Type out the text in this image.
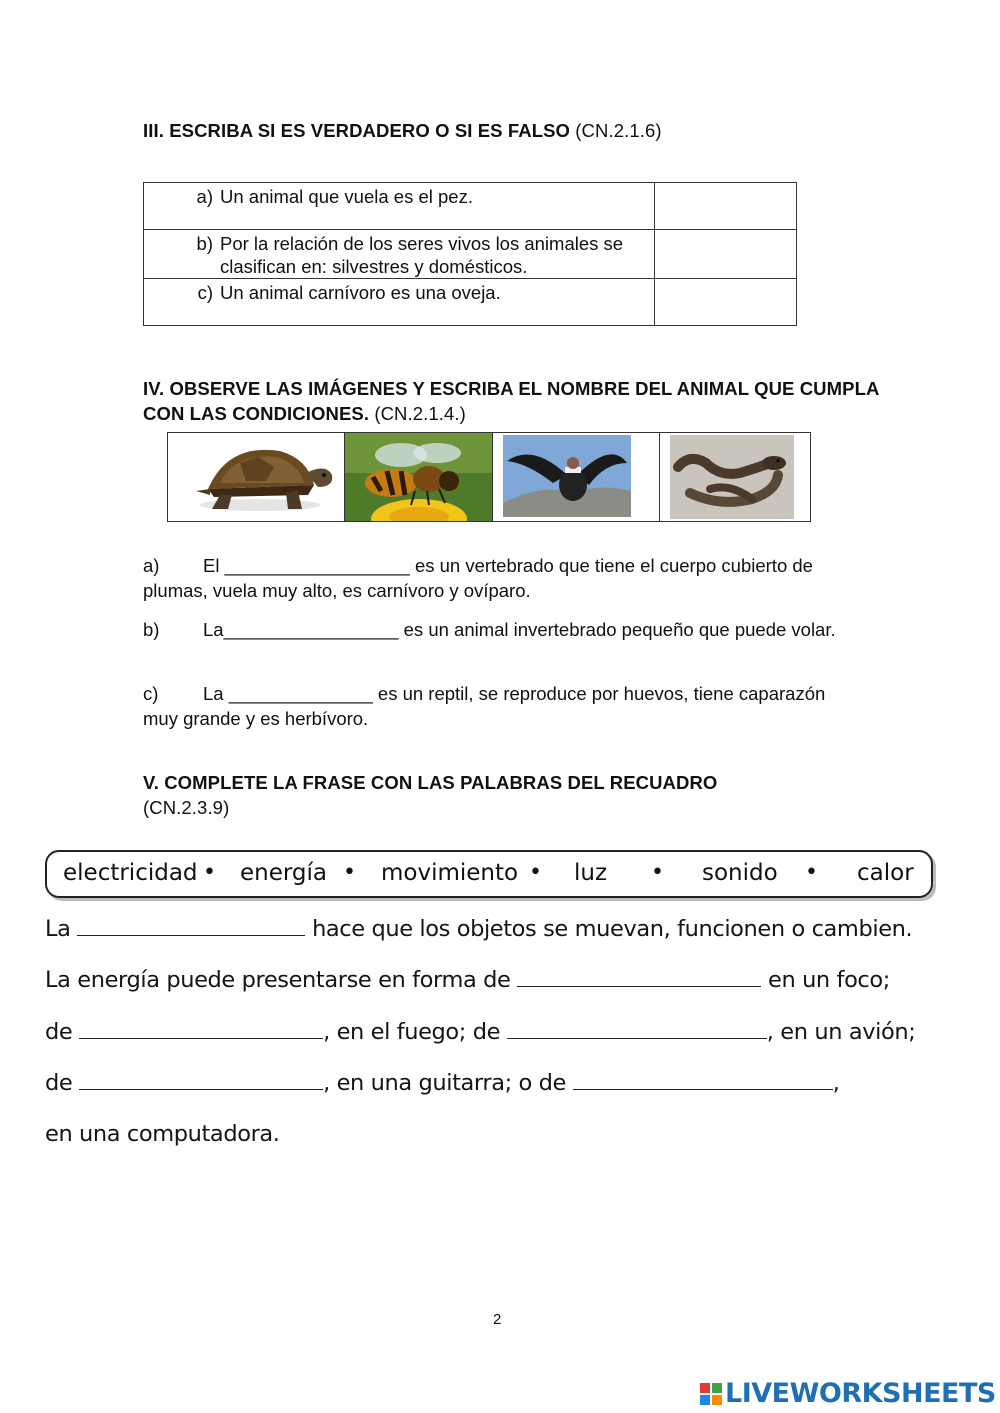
III. ESCRIBA SI ES VERDADERO O SI ES FALSO (CN.2.1.6)
a) Un animal que vuela es el pez.	

b) Por la relación de los seres vivos los animales se clasifican en: silvestres y domésticos.	

c) Un animal carnívoro es una oveja.	

IV. OBSERVE LAS IMÁGENES Y ESCRIBA EL NOMBRE DEL ANIMAL QUE CUMPLA CON LAS CONDICIONES. (CN.2.1.4.)
a) El __________________ es un vertebrado que tiene el cuerpo cubierto de plumas, vuela muy alto, es carnívoro y ovíparo.
b) La_________________ es un animal invertebrado pequeño que puede volar.
c) La ______________ es un reptil, se reproduce por huevos, tiene caparazón muy grande y es herbívoro.
V. COMPLETE LA FRASE CON LAS PALABRAS DEL RECUADRO
(CN.2.3.9)
electricidad • energía • movimiento • luz • sonido • calor
La	hace que los objetos se muevan, funcionen o cambien.
La energía puede presentarse en forma de	en un foco;
de	, en el fuego; de	, en un avión;
de	, en una guitarra; o de	,
en una computadora.
2
LIVEWORKSHEETS
